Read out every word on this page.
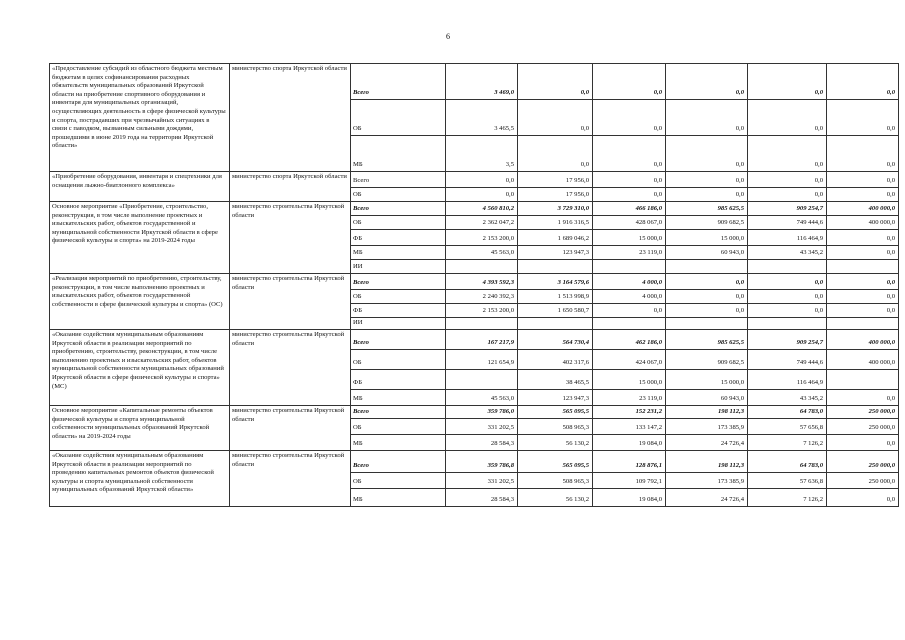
6
«Предоставление субсидий из областного бюджета местным бюджетам в целях софинансирования расходных обязательств муниципальных образований Иркутской области на приобретение спортивного оборудования и инвентаря для муниципальных организаций, осуществляющих деятельность в сфере физической культуры и спорта, пострадавших при чрезвычайных ситуациях в связи с паводком, вызванным сильными дождями, прошедшими в июне 2019 года на территории Иркутской области»	министерство спорта Иркутской области	Всего	3 469,0	0,0	0,0	0,0	0,0	0,0
		ОБ	3 465,5	0,0	0,0	0,0	0,0	0,0
		МБ	3,5	0,0	0,0	0,0	0,0	0,0
«Приобретение оборудования, инвентаря и спецтехники для оснащения лыжно-биатлонного комплекса»	министерство спорта Иркутской области	Всего	0,0	17 956,0	0,0	0,0	0,0	0,0
		ОБ	0,0	17 956,0	0,0	0,0	0,0	0,0
Основное мероприятие «Приобретение, строительство, реконструкция, в том числе выполнение проектных и изыскательских работ, объектов государственной и муниципальной собственности Иркутской области в сфере физической культуры и спорта» на 2019-2024 годы	министерство строительства Иркутской области	Всего	4 560 810,2	3 729 310,0	466 186,0	985 625,5	909 254,7	400 000,0
		ОБ	2 362 047,2	1 916 316,5	428 067,0	909 682,5	749 444,6	400 000,0
		ФБ	2 153 200,0	1 689 046,2	15 000,0	15 000,0	116 464,9	0,0
		МБ	45 563,0	123 947,3	23 119,0	60 943,0	43 345,2	0,0
		ИИ						
«Реализация мероприятий по приобретению, строительству, реконструкции, в том числе выполнению проектных и изыскательских работ, объектов государственной собственности в сфере физической культуры и спорта» (ОС)	министерство строительства Иркутской области	Всего	4 393 592,3	3 164 579,6	4 000,0	0,0	0,0	0,0
		ОБ	2 240 392,3	1 513 998,9	4 000,0	0,0	0,0	0,0
		ФБ	2 153 200,0	1 650 580,7	0,0	0,0	0,0	0,0
		ИИ						
«Оказание содействия муниципальным образованиям Иркутской области в реализации мероприятий по приобретению, строительству, реконструкции, в том числе выполнению проектных и изыскательских работ, объектов муниципальной собственности муниципальных образований Иркутской области в сфере физической культуры и спорта» (МС)	министерство строительства Иркутской области	Всего	167 217,9	564 730,4	462 186,0	985 625,5	909 254,7	400 000,0
		ОБ	121 654,9	402 317,6	424 067,0	909 682,5	749 444,6	400 000,0
		ФБ		38 465,5	15 000,0	15 000,0	116 464,9	
		МБ	45 563,0	123 947,3	23 119,0	60 943,0	43 345,2	0,0
Основное мероприятие «Капитальные ремонты объектов физической культуры и спорта муниципальной собственности муниципальных образований Иркутской области» на 2019-2024 годы	министерство строительства Иркутской области	Всего	359 786,0	565 095,5	152 231,2	198 112,3	64 783,0	250 000,0
		ОБ	331 202,5	508 965,3	133 147,2	173 385,9	57 656,8	250 000,0
		МБ	28 584,3	56 130,2	19 084,0	24 726,4	7 126,2	0,0
«Оказание содействия муниципальным образованиям Иркутской области в реализации мероприятий по проведению капитальных ремонтов объектов физической культуры и спорта муниципальной собственности муниципальных образований Иркутской области»	министерство строительства Иркутской области	Всего	359 786,8	565 095,5	128 876,1	198 112,3	64 783,0	250 000,0
		ОБ	331 202,5	508 965,3	109 792,1	173 385,9	57 636,8	250 000,0
		МБ	28 584,3	56 130,2	19 084,0	24 726,4	7 126,2	0,0
